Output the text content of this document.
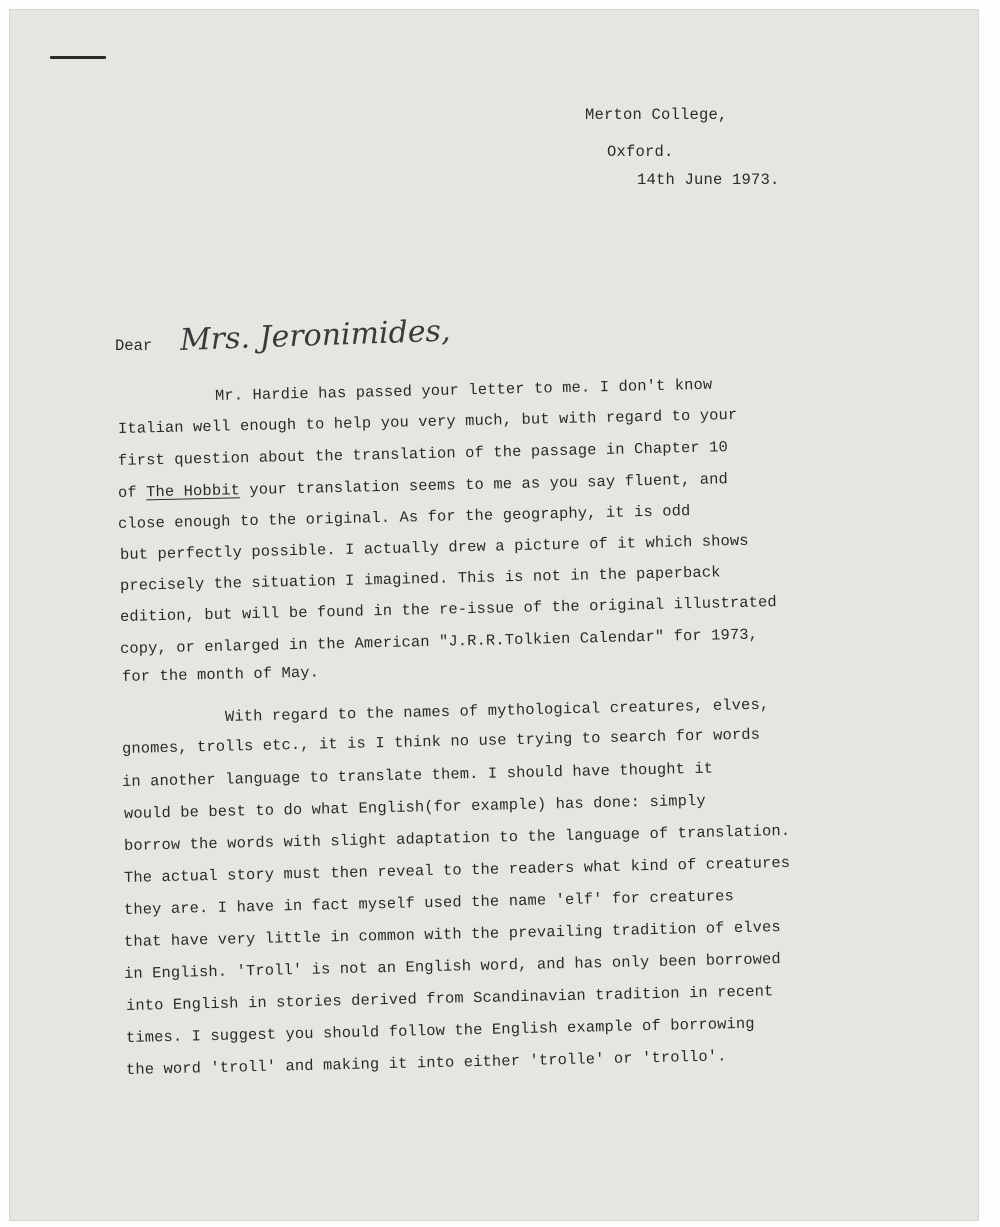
Merton College,
Oxford.
14th June 1973.
Dear Mrs. Jeronimides,
Mr. Hardie has passed your letter to me. I don't know
Italian well enough to help you very much, but with regard to your
first question about the translation of the passage in Chapter 10
of The Hobbit your translation seems to me as you say fluent, and
close enough to the original. As for the geography, it is odd
but perfectly possible. I actually drew a picture of it which shows
precisely the situation I imagined. This is not in the paperback
edition, but will be found in the re-issue of the original illustrated
copy, or enlarged in the American "J.R.R.Tolkien Calendar" for 1973,
for the month of May.
With regard to the names of mythological creatures, elves,
gnomes, trolls etc., it is I think no use trying to search for words
in another language to translate them. I should have thought it
would be best to do what English(for example) has done: simply
borrow the words with slight adaptation to the language of translation.
The actual story must then reveal to the readers what kind of creatures
they are. I have in fact myself used the name 'elf' for creatures
that have very little in common with the prevailing tradition of elves
in English. 'Troll' is not an English word, and has only been borrowed
into English in stories derived from Scandinavian tradition in recent
times. I suggest you should follow the English example of borrowing
the word 'troll' and making it into either 'trolle' or 'trollo'.
